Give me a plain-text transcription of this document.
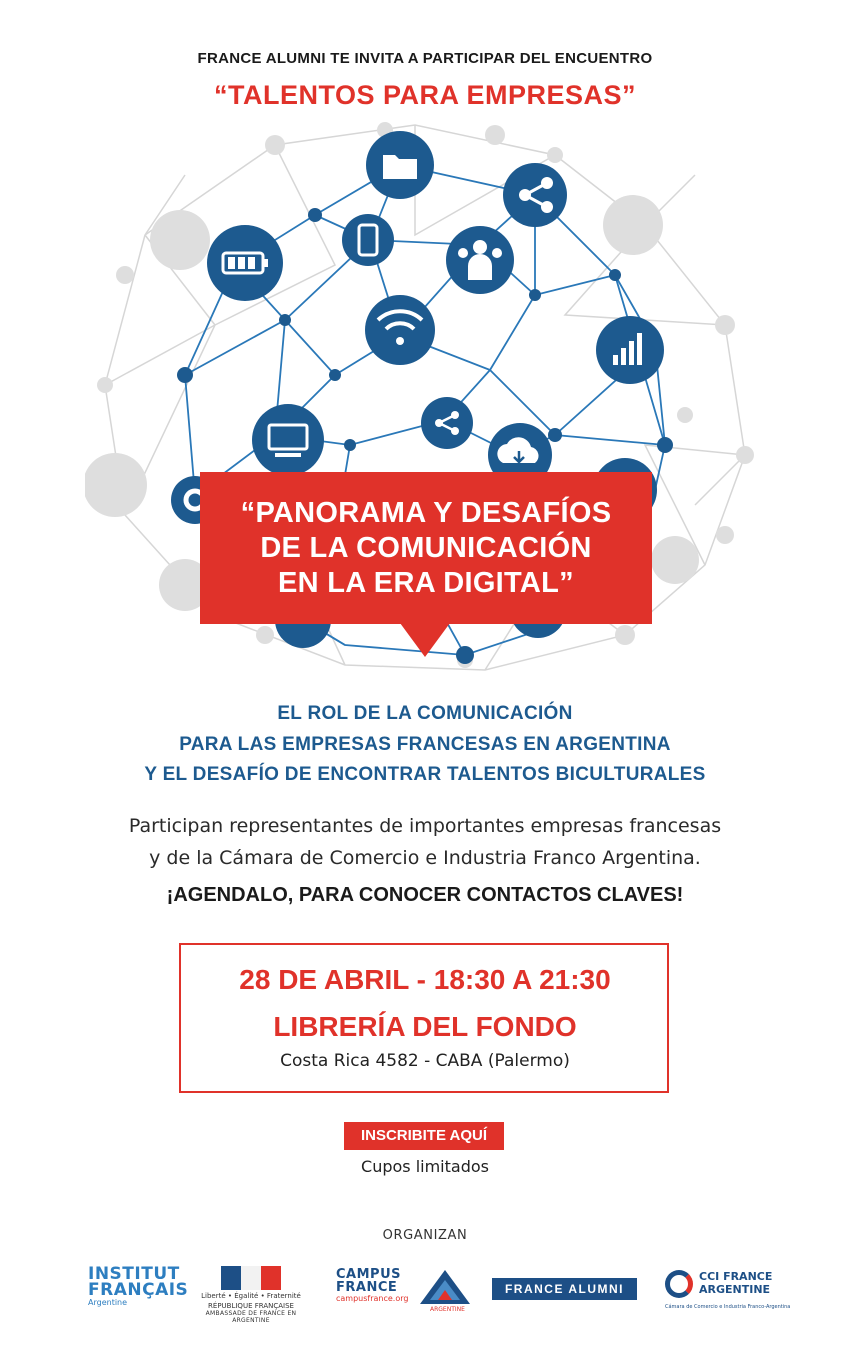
FRANCE ALUMNI TE INVITA A PARTICIPAR DEL ENCUENTRO
“TALENTOS PARA EMPRESAS”
“PANORAMA Y DESAFÍOS
DE LA COMUNICACIÓN
EN LA ERA DIGITAL”
EL ROL DE LA COMUNICACIÓN
PARA LAS EMPRESAS FRANCESAS EN ARGENTINA
Y EL DESAFÍO DE ENCONTRAR TALENTOS BICULTURALES
Participan representantes de importantes empresas francesas
y de la Cámara de Comercio e Industria Franco Argentina.
¡AGENDALO, PARA CONOCER CONTACTOS CLAVES!
28 DE ABRIL - 18:30 A 21:30
LIBRERÍA DEL FONDO
Costa Rica 4582 - CABA (Palermo)
INSCRIBITE AQUÍ
Cupos limitados
ORGANIZAN
INSTITUT
FRANÇAIS
Argentine
Liberté • Égalité • Fraternité
RÉPUBLIQUE FRANÇAISE
AMBASSADE DE FRANCE EN ARGENTINE
CAMPUS
FRANCE
campusfrance.org
ARGENTINE
FRANCE ALUMNI
CCI FRANCE
ARGENTINE
Cámara de Comercio e Industria Franco-Argentina
